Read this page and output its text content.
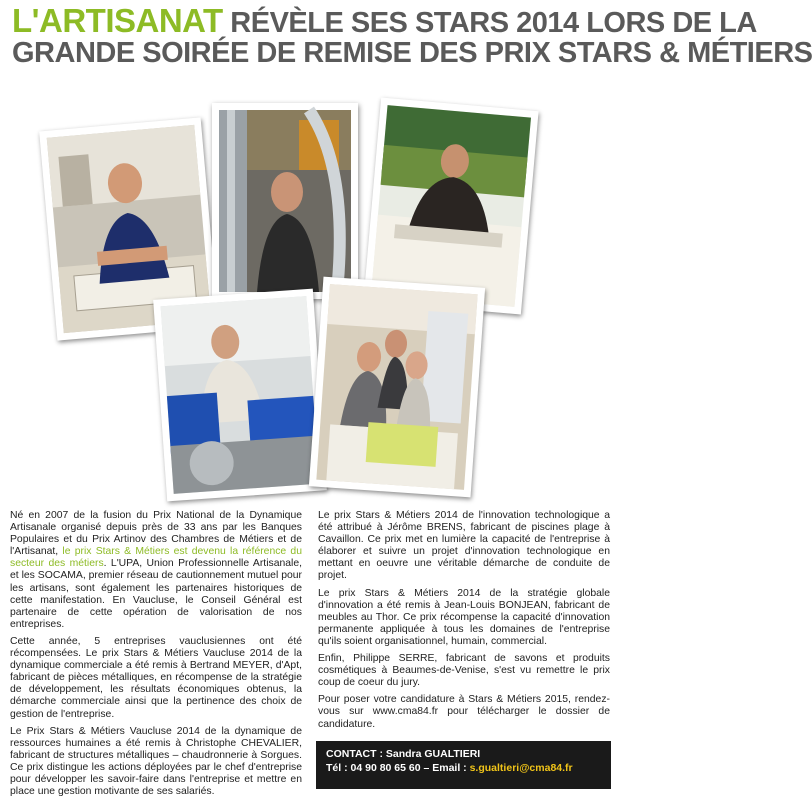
L'ARTISANAT RÉVÈLE SES STARS 2014 LORS DE LA
GRANDE SOIRÉE DE REMISE DES PRIX STARS & MÉTIERS

Né en 2007 de la fusion du Prix National de la Dynamique Artisanale organisé depuis près de 33 ans par les Banques Populaires et du Prix Artinov des Chambres de Métiers et de l'Artisanat, le prix Stars & Métiers est devenu la référence du secteur des métiers. L'UPA, Union Professionnelle Artisanale, et les SOCAMA, premier réseau de cautionnement mutuel pour les artisans, sont également les partenaires historiques de cette manifestation. En Vaucluse, le Conseil Général est partenaire de cette opération de valorisation de nos entreprises.

Cette année, 5 entreprises vauclusiennes ont été récompensées. Le prix Stars & Métiers Vaucluse 2014 de la dynamique commerciale a été remis à Bertrand MEYER, d'Apt, fabricant de pièces métalliques, en récompense de la stratégie de développement, les résultats économiques obtenus, la démarche commerciale ainsi que la pertinence des choix de gestion de l'entreprise.

Le Prix Stars & Métiers Vaucluse 2014 de la dynamique de ressources humaines a été remis à Christophe CHEVALIER, fabricant de structures métalliques – chaudronnerie à Sorgues. Ce prix distingue les actions déployées par le chef d'entreprise pour développer les savoir-faire dans l'entreprise et mettre en place une gestion motivante de ses salariés.

Le prix Stars & Métiers 2014 de l'innovation technologique a été attribué à Jérôme BRENS, fabricant de piscines plage à Cavaillon. Ce prix met en lumière la capacité de l'entreprise à élaborer et suivre un projet d'innovation technologique en mettant en oeuvre une véritable démarche de conduite de projet.

Le prix Stars & Métiers 2014 de la stratégie globale d'innovation a été remis à Jean-Louis BONJEAN, fabricant de meubles au Thor. Ce prix récompense la capacité d'innovation permanente appliquée à tous les domaines de l'entreprise qu'ils soient organisationnel, humain, commercial.

Enfin, Philippe SERRE, fabricant de savons et produits cosmétiques à Beaumes-de-Venise, s'est vu remettre le prix coup de coeur du jury.

Pour poser votre candidature à Stars & Métiers 2015, rendez-vous sur www.cma84.fr pour télécharger le dossier de candidature.

CONTACT : Sandra GUALTIERI
Tél : 04 90 80 65 60 – Email : s.gualtieri@cma84.fr
